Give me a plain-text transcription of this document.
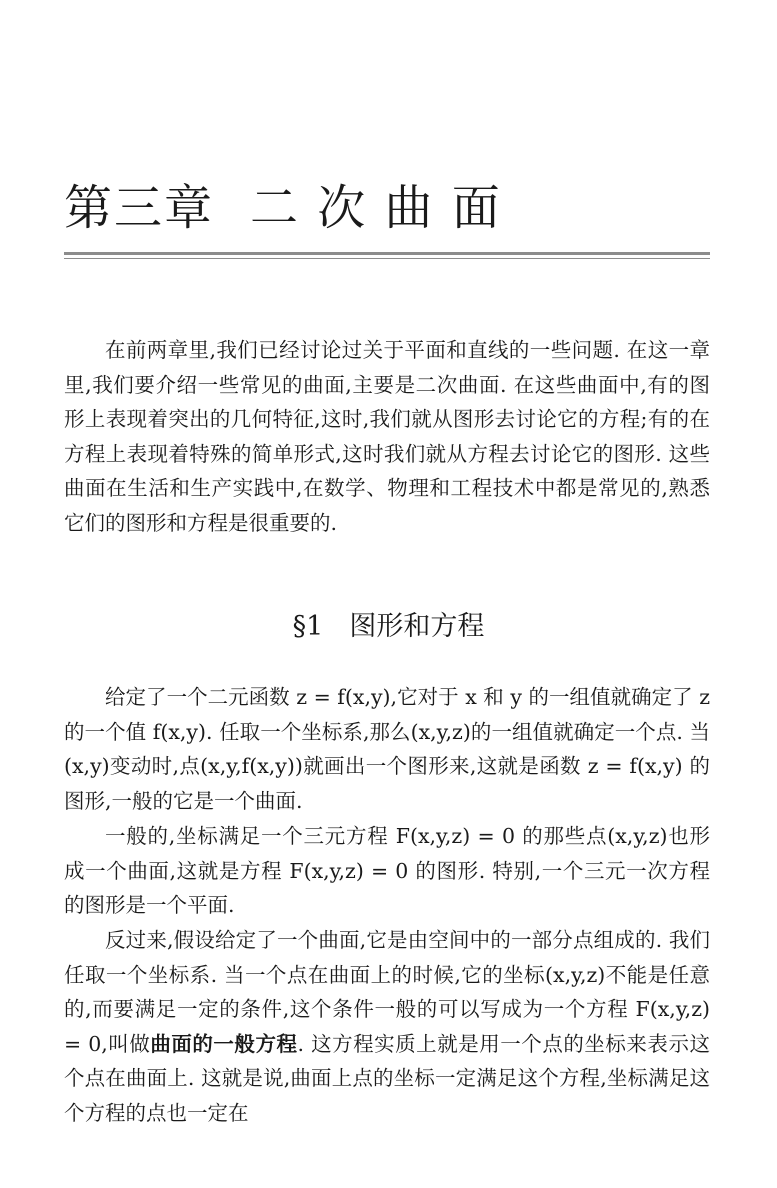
第三章 二 次 曲 面

在前两章里,我们已经讨论过关于平面和直线的一些问题. 在这一章里,我们要介绍一些常见的曲面,主要是二次曲面. 在这些曲面中,有的图形上表现着突出的几何特征,这时,我们就从图形去讨论它的方程;有的在方程上表现着特殊的简单形式,这时我们就从方程去讨论它的图形. 这些曲面在生活和生产实践中,在数学、物理和工程技术中都是常见的,熟悉它们的图形和方程是很重要的.

§1 图形和方程

给定了一个二元函数 z = f(x,y),它对于 x 和 y 的一组值就确定了 z 的一个值 f(x,y). 任取一个坐标系,那么(x,y,z)的一组值就确定一个点. 当(x,y)变动时,点(x,y,f(x,y))就画出一个图形来,这就是函数 z = f(x,y) 的图形,一般的它是一个曲面.

一般的,坐标满足一个三元方程 F(x,y,z) = 0 的那些点(x,y,z)也形成一个曲面,这就是方程 F(x,y,z) = 0 的图形. 特别,一个三元一次方程的图形是一个平面.

反过来,假设给定了一个曲面,它是由空间中的一部分点组成的. 我们任取一个坐标系. 当一个点在曲面上的时候,它的坐标(x,y,z)不能是任意的,而要满足一定的条件,这个条件一般的可以写成为一个方程 F(x,y,z) = 0,叫做曲面的一般方程. 这方程实质上就是用一个点的坐标来表示这个点在曲面上. 这就是说,曲面上点的坐标一定满足这个方程,坐标满足这个方程的点也一定在
